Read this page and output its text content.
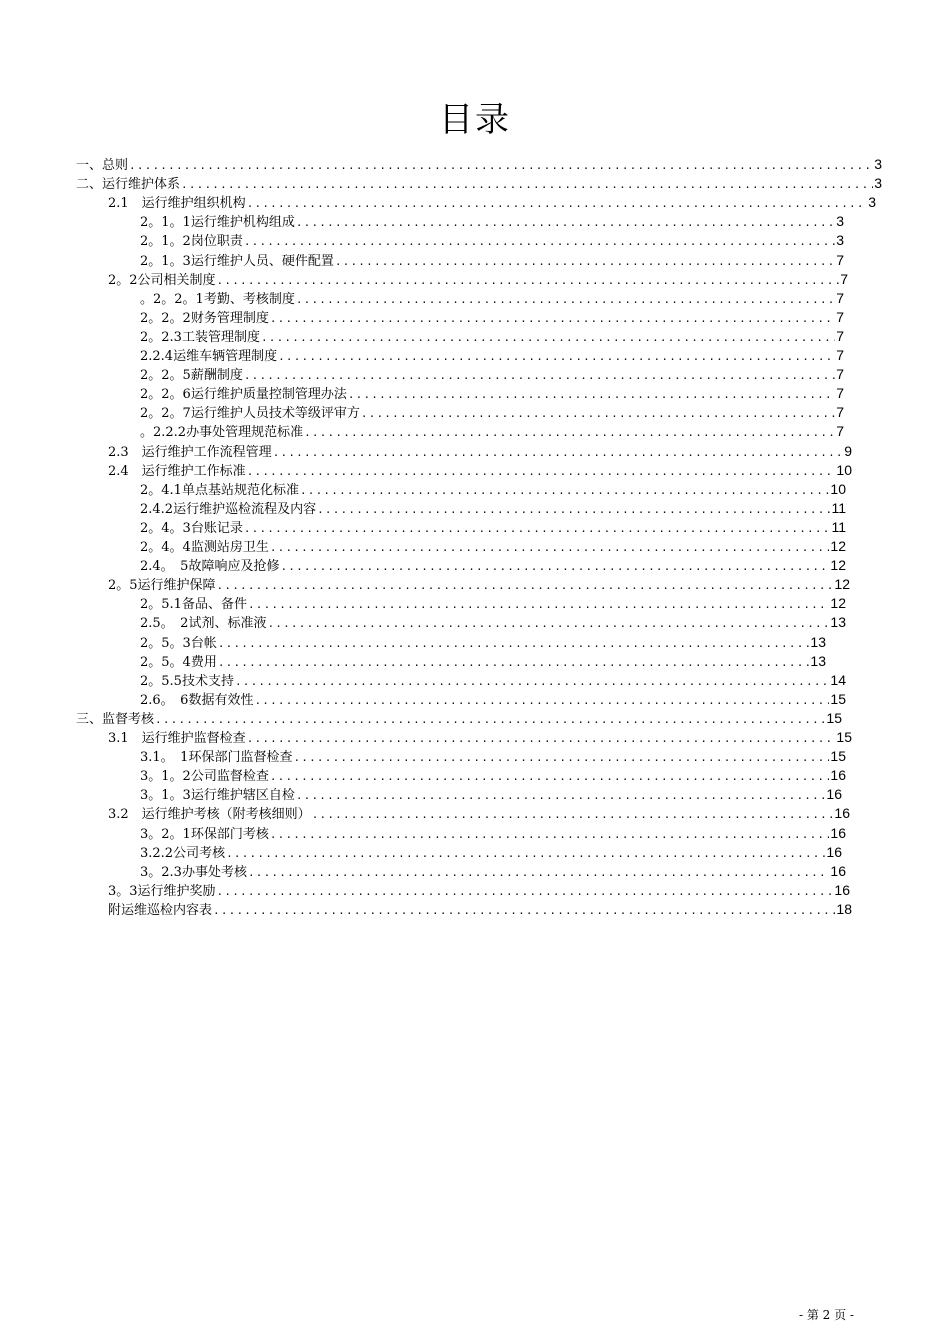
目录
一、总则 .....	3
二、运行维护体系 .....	3
2.1　运行维护组织机构 .....	3
2。1。1运行维护机构组成 .....	3
2。1。2岗位职责 .....	3
2。1。3运行维护人员、硬件配置 .....	7
2。2公司相关制度 .....	7
。2。2。1考勤、考核制度 .....	7
2。2。2财务管理制度 .....	7
2。2.3工装管理制度 .....	7
2.2.4运维车辆管理制度 .....	7
2。2。5薪酬制度 .....	7
2。2。6运行维护质量控制管理办法 .....	7
2。2。7运行维护人员技术等级评审方 .....	7
。2.2.2办事处管理规范标准 .....	7
2.3　运行维护工作流程管理 .....	9
2.4　运行维护工作标准 .....	10
2。4.1单点基站规范化标准 .....	10
2.4.2运行维护巡检流程及内容 .....	11
2。4。3台账记录 .....	11
2。4。4监测站房卫生 .....	12
2.4。　5故障响应及抢修 .....	12
2。5运行维护保障 .....	12
2。5.1备品、备件 .....	12
2.5。　2试剂、标准液 .....	13
2。5。3台帐 .....	13
2。5。4费用 .....	13
2。5.5技术支持 .....	14
2.6。　6数据有效性 .....	15
三、监督考核 .....	15
3.1　运行维护监督检查 .....	15
3.1。　1环保部门监督检查 .....	15
3。1。2公司监督检查 .....	16
3。1。3运行维护辖区自检 .....	16
3.2　运行维护考核（附考核细则） .....	16
3。2。1环保部门考核 .....	16
3.2.2公司考核 .....	16
3。2.3办事处考核 .....	16
3。3运行维护奖励 .....	16
附运维巡检内容表 .....	18
- 第 2 页 -
